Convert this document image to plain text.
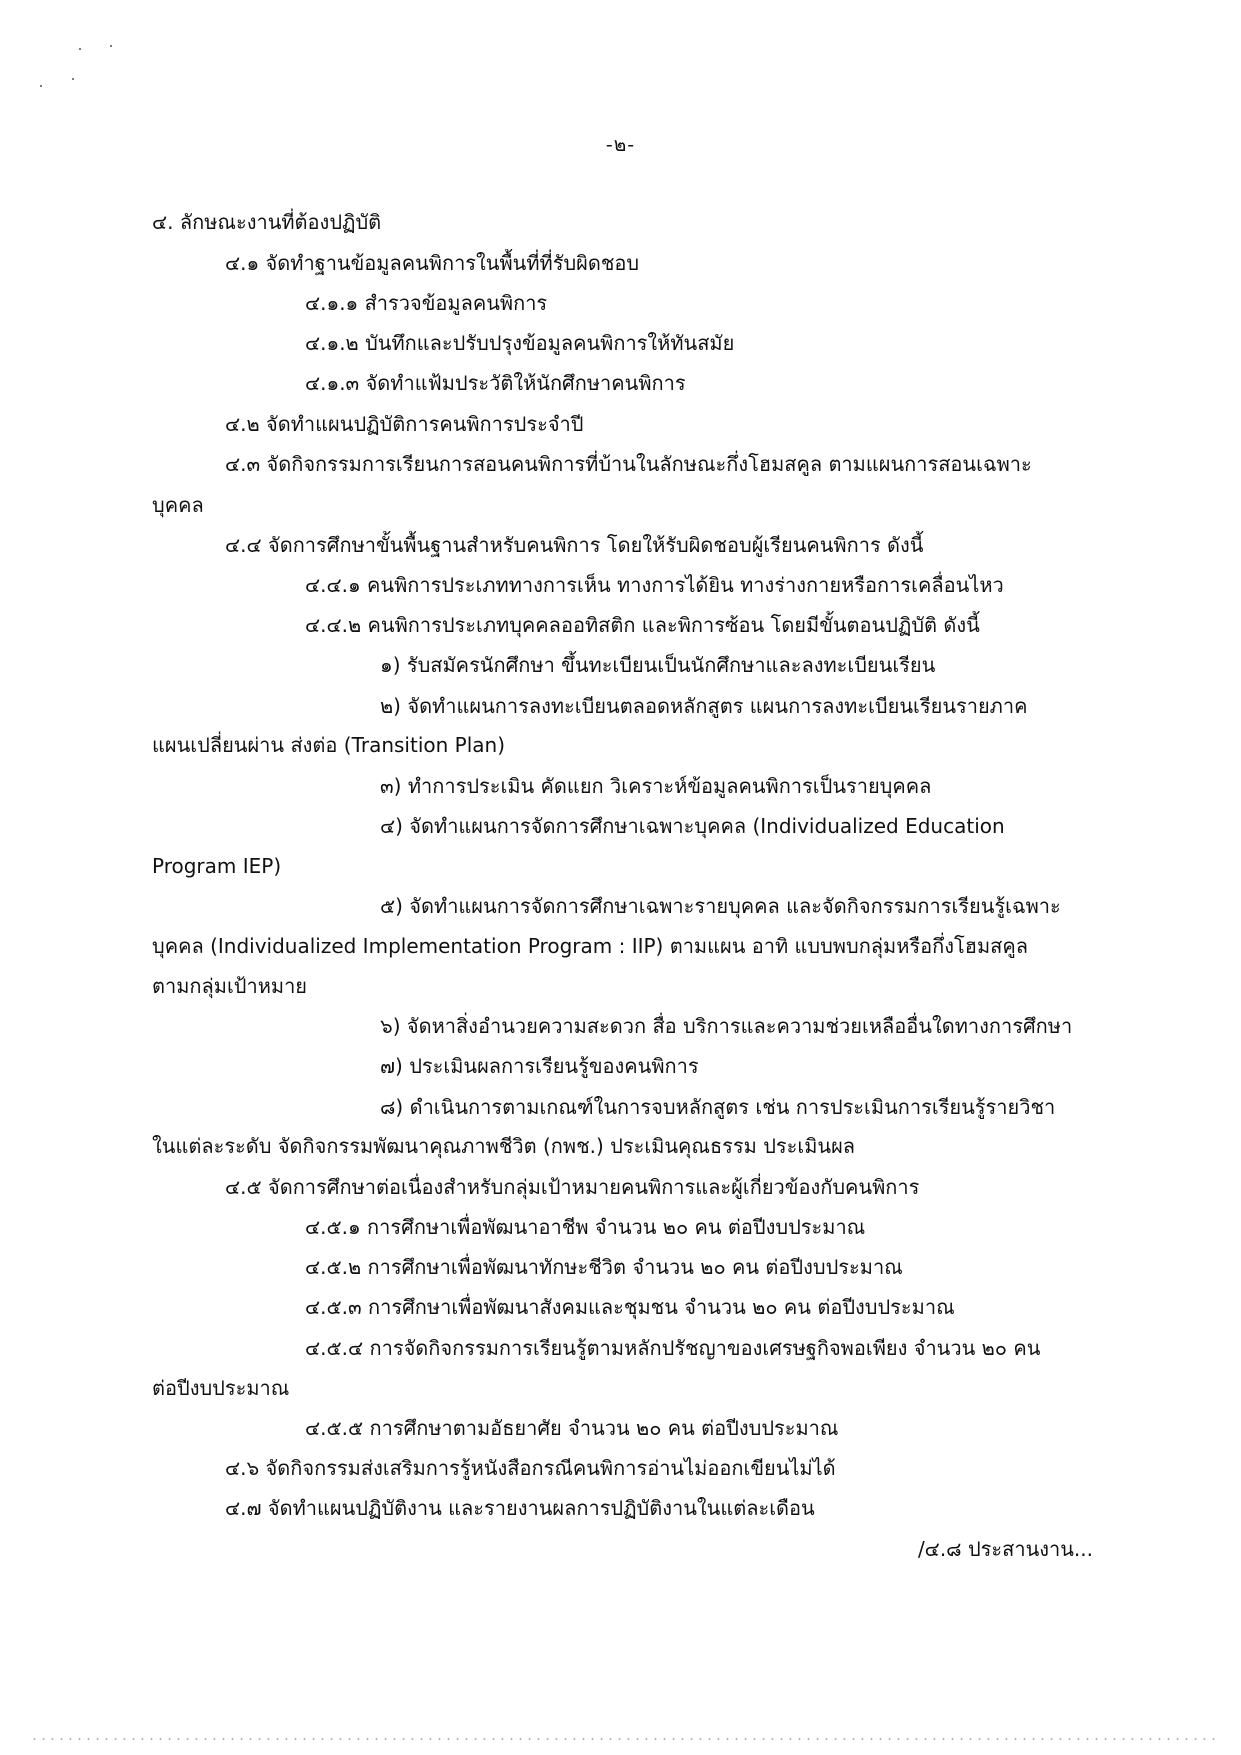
-๒-
๔. ลักษณะงานที่ต้องปฏิบัติ
๔.๑ จัดทำฐานข้อมูลคนพิการในพื้นที่ที่รับผิดชอบ
๔.๑.๑ สำรวจข้อมูลคนพิการ
๔.๑.๒ บันทึกและปรับปรุงข้อมูลคนพิการให้ทันสมัย
๔.๑.๓ จัดทำแฟ้มประวัติให้นักศึกษาคนพิการ
๔.๒ จัดทำแผนปฏิบัติการคนพิการประจำปี
๔.๓ จัดกิจกรรมการเรียนการสอนคนพิการที่บ้านในลักษณะกึ่งโฮมสคูล ตามแผนการสอนเฉพาะ
บุคคล
๔.๔ จัดการศึกษาขั้นพื้นฐานสำหรับคนพิการ โดยให้รับผิดชอบผู้เรียนคนพิการ ดังนี้
๔.๔.๑ คนพิการประเภททางการเห็น ทางการได้ยิน ทางร่างกายหรือการเคลื่อนไหว
๔.๔.๒ คนพิการประเภทบุคคลออทิสติก และพิการซ้อน โดยมีขั้นตอนปฏิบัติ ดังนี้
๑) รับสมัครนักศึกษา ขึ้นทะเบียนเป็นนักศึกษาและลงทะเบียนเรียน
๒) จัดทำแผนการลงทะเบียนตลอดหลักสูตร แผนการลงทะเบียนเรียนรายภาค
แผนเปลี่ยนผ่าน ส่งต่อ (Transition Plan)
๓) ทำการประเมิน คัดแยก วิเคราะห์ข้อมูลคนพิการเป็นรายบุคคล
๔) จัดทำแผนการจัดการศึกษาเฉพาะบุคคล (Individualized Education
Program IEP)
๕) จัดทำแผนการจัดการศึกษาเฉพาะรายบุคคล และจัดกิจกรรมการเรียนรู้เฉพาะ
บุคคล (Individualized Implementation Program : IIP) ตามแผน อาทิ แบบพบกลุ่มหรือกึ่งโฮมสคูล
ตามกลุ่มเป้าหมาย
๖) จัดหาสิ่งอำนวยความสะดวก สื่อ บริการและความช่วยเหลืออื่นใดทางการศึกษา
๗) ประเมินผลการเรียนรู้ของคนพิการ
๘) ดำเนินการตามเกณฑ์ในการจบหลักสูตร เช่น การประเมินการเรียนรู้รายวิชา
ในแต่ละระดับ จัดกิจกรรมพัฒนาคุณภาพชีวิต (กพช.) ประเมินคุณธรรม ประเมินผล
๔.๕ จัดการศึกษาต่อเนื่องสำหรับกลุ่มเป้าหมายคนพิการและผู้เกี่ยวข้องกับคนพิการ
๔.๕.๑ การศึกษาเพื่อพัฒนาอาชีพ จำนวน ๒๐ คน ต่อปีงบประมาณ
๔.๕.๒ การศึกษาเพื่อพัฒนาทักษะชีวิต จำนวน ๒๐ คน ต่อปีงบประมาณ
๔.๕.๓ การศึกษาเพื่อพัฒนาสังคมและชุมชน จำนวน ๒๐ คน ต่อปีงบประมาณ
๔.๕.๔ การจัดกิจกรรมการเรียนรู้ตามหลักปรัชญาของเศรษฐกิจพอเพียง จำนวน ๒๐ คน
ต่อปีงบประมาณ
๔.๕.๕ การศึกษาตามอัธยาศัย จำนวน ๒๐ คน ต่อปีงบประมาณ
๔.๖ จัดกิจกรรมส่งเสริมการรู้หนังสือกรณีคนพิการอ่านไม่ออกเขียนไม่ได้
๔.๗ จัดทำแผนปฏิบัติงาน และรายงานผลการปฏิบัติงานในแต่ละเดือน
/๔.๘ ประสานงาน...
